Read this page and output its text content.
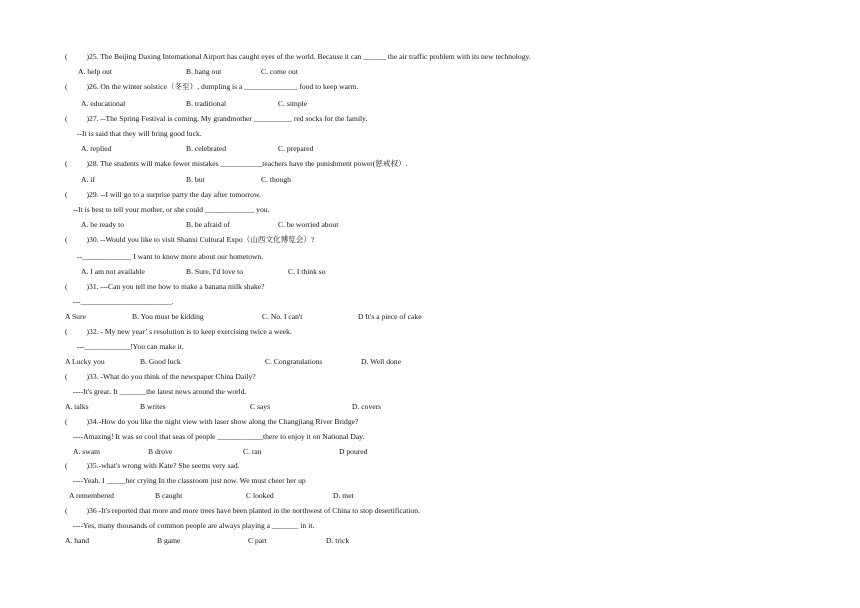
(          )25. The Beijing Daxing International Airport has caught eyes of the world. Because it can ______ the air traffic problem with its new technology.
A. help out	B. hang out	C. come out
(          )26. On the winter solstice（冬至）, dumpling is a ______________ food to keep warm.
A. educational	B. traditional	C. simple
(          )27. --The Spring Festival is coming. My grandmother __________ red socks for the family.
--It is said that they will bring good luck.
A. replied	B. celebrated	C. prepared
(          )28. The students will make fewer mistakes ___________teachers have the punishment power(惩戒权）.
A. if	B. but	C. though
(          )29. --I will go to a surprise party the day after tomorrow.
--It is best to tell your mother, or she could _____________ you.
A. be ready to	B. be afraid of	C. be worried about
(          )30. --Would you like to visit Shanxi Cultural Expo（山西文化博览会）?
--_____________ I want to know more about our hometown.
A. I am not available	B. Sure, I'd love to	C. I think so
(          )31. ---Can you tell me how to make a banana milk shake?
---________________________.
A Sure	B. You must be kidding	C. No. I can't	D It's a piece of cake
(          )32. - My new year’ s resolution is to keep exercising twice a week.
---____________!You can make it.
A Lucky you	B. Good luck	C. Congratulations	D. Well done
(          )33. -What do you think of the newspaper China Daily?
----It's great. It _______the latest news around the world.
A. talks	B writes	C says	D. covers
(          )34.-How do you like the night view with laser show along the Changjiang River Bridge?
----Amazing! It was so cool that seas of people ____________there to enjoy it on National Day.
A. swam	B drove	C. ran	D poured
(          )35.-what's wrong with Kate? She seems very sad.
----Yeah. I _____her crying In the classroom just now. We must cheer her up
A remembered	B caught	C looked	D. met
(          )36 -It's reported that more and more trees have been planted in the northwest of China to stop desertification.
----Yes, many thousands of common people are always playing a _______ in it.
A. hand	B game	C part	D. trick
